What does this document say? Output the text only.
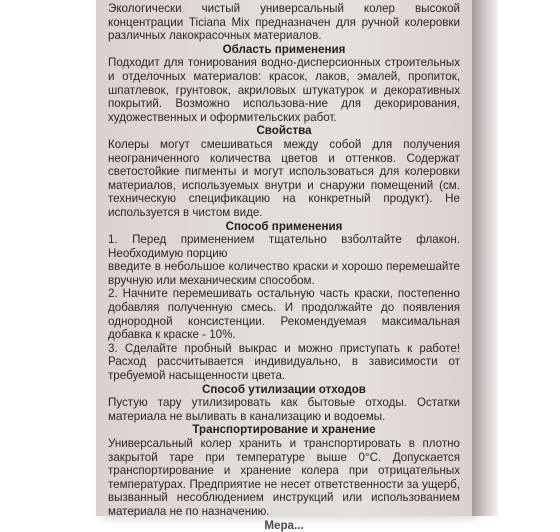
Экологически чистый универсальный колер высокой концентрации Ticiana Mix предназначен для ручной колеровки различных лакокрасочных материалов.

Область применения

Подходит для тонирования водно-дисперсионных строительных и отделочных материалов: красок, лаков, эмалей, пропиток, шпатлевок, грунтовок, акриловых штукатурок и декоративных покрытий. Возможно использова-ние для декорирования, художественных и оформительских работ.

Свойства

Колеры могут смешиваться между собой для получения неограниченного количества цветов и оттенков. Содержат светостойкие пигменты и могут использоваться для колеровки материалов, используемых внутри и снаружи помещений (см. техническую спецификацию на конкретный продукт). Не используется в чистом виде.

Способ применения

1. Перед применением тщательно взболтайте флакон. Необходимую порцию

введите в небольшое количество краски и хорошо перемешайте вручную или механическим способом.

2. Начните перемешивать остальную часть краски, постепенно добавляя полученную смесь. И продолжайте до появления однородной консистенции. Рекомендуемая максимальная добавка к краске - 10%.

3. Сделайте пробный выкрас и можно приступать к работе! Расход рассчитывается индивидуально, в зависимости от требуемой насыщенности цвета.

Способ утилизации отходов

Пустую тару утилизировать как бытовые отходы. Остатки материала не выливать в канализацию и водоемы.

Транспортирование и хранение

Универсальный колер хранить и транспортировать в плотно закрытой таре при температуре выше 0°С. Допускается транспортирование и хранение колера при отрицательных температурах. Предприятие не несет ответственности за ущерб, вызванный несоблюдением инструкций или использованием материала не по назначению.

Мера...
